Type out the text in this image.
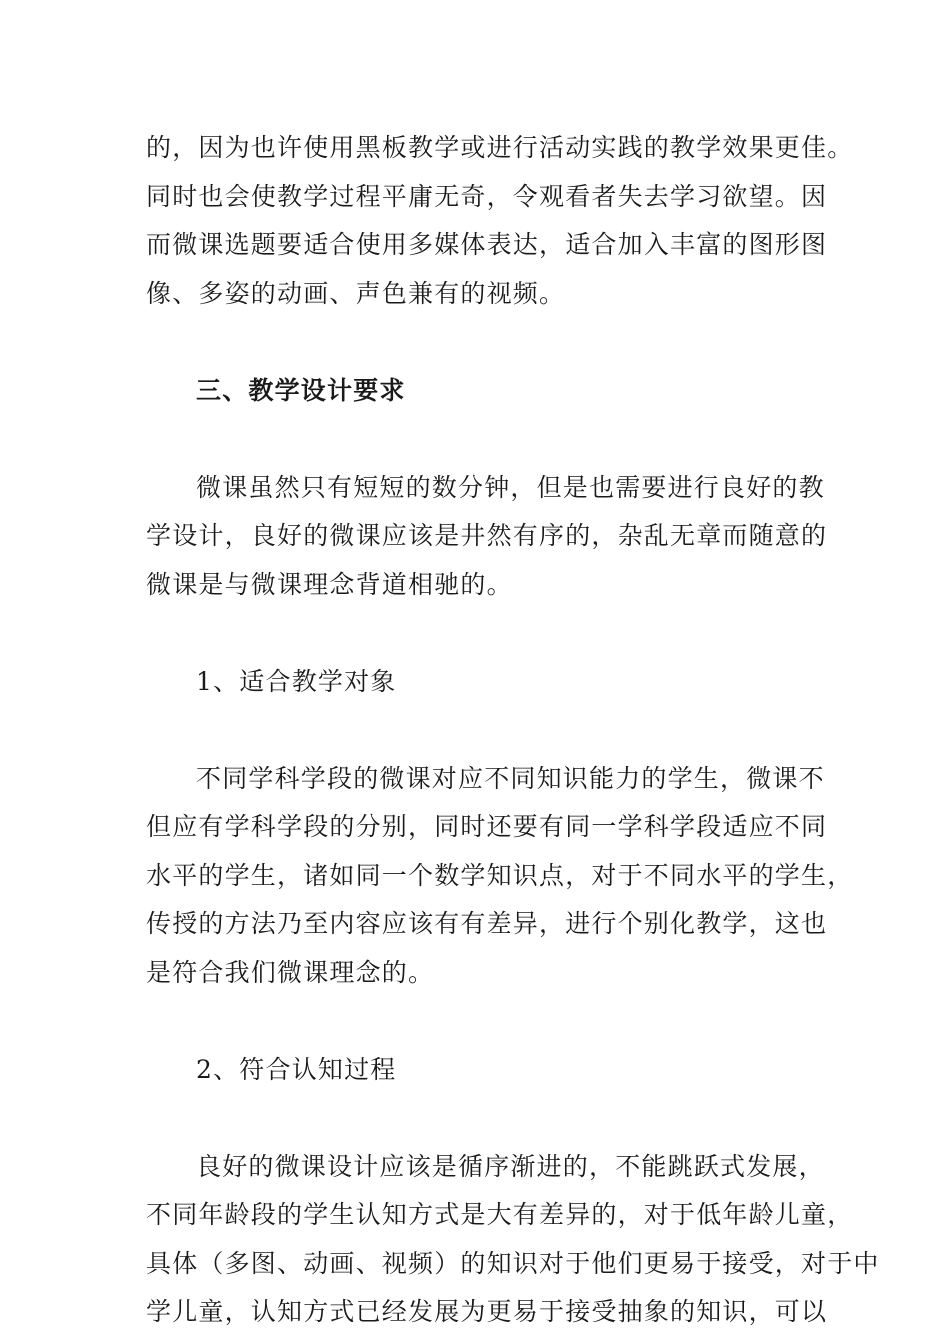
的，因为也许使用黑板教学或进行活动实践的教学效果更佳。
同时也会使教学过程平庸无奇，令观看者失去学习欲望。因
而微课选题要适合使用多媒体表达，适合加入丰富的图形图
像、多姿的动画、声色兼有的视频。
三、教学设计要求
微课虽然只有短短的数分钟，但是也需要进行良好的教
学设计，良好的微课应该是井然有序的，杂乱无章而随意的
微课是与微课理念背道相驰的。
1、适合教学对象
不同学科学段的微课对应不同知识能力的学生，微课不
但应有学科学段的分别，同时还要有同一学科学段适应不同
水平的学生，诸如同一个数学知识点，对于不同水平的学生，
传授的方法乃至内容应该有有差异，进行个别化教学，这也
是符合我们微课理念的。
2、符合认知过程
良好的微课设计应该是循序渐进的，不能跳跃式发展，
不同年龄段的学生认知方式是大有差异的，对于低年龄儿童，
具体（多图、动画、视频）的知识对于他们更易于接受，对于中
学儿童，认知方式已经发展为更易于接受抽象的知识，可以
